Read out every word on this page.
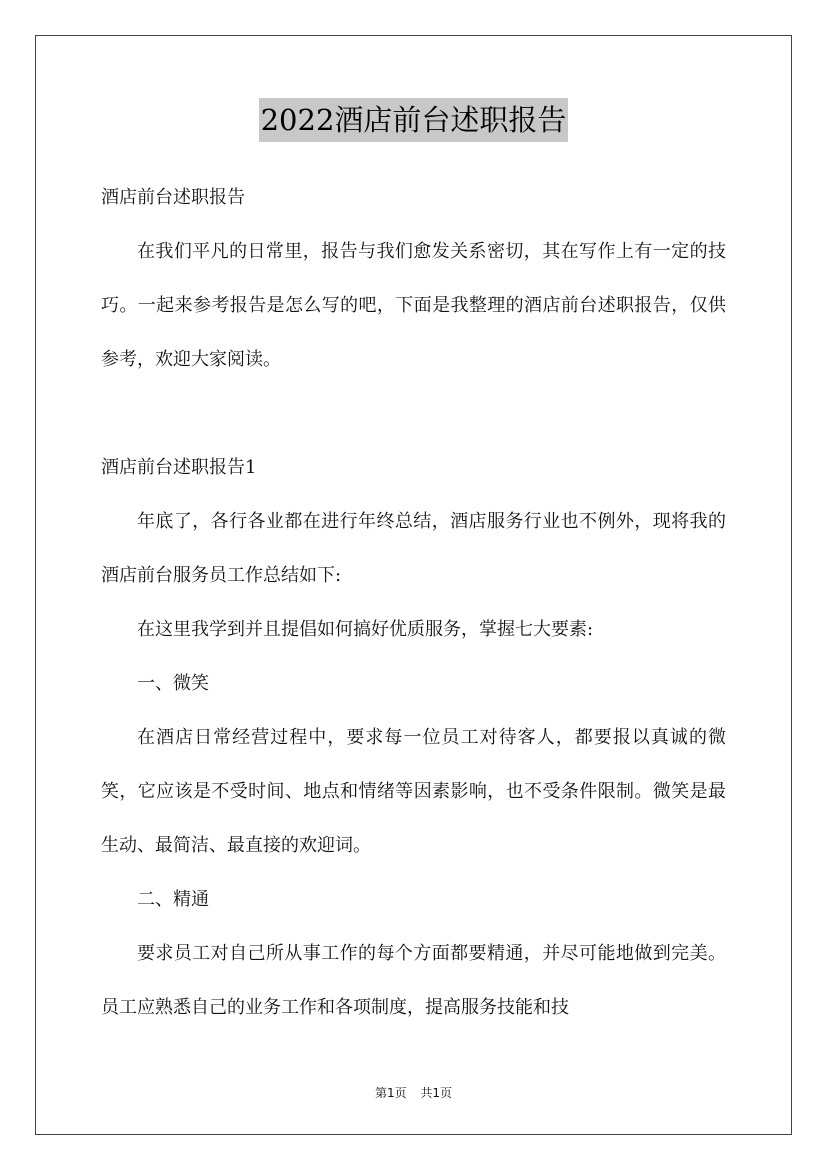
2022酒店前台述职报告

酒店前台述职报告

在我们平凡的日常里，报告与我们愈发关系密切，其在写作上有一定的技巧。一起来参考报告是怎么写的吧，下面是我整理的酒店前台述职报告，仅供参考，欢迎大家阅读。

酒店前台述职报告1

年底了，各行各业都在进行年终总结，酒店服务行业也不例外，现将我的酒店前台服务员工作总结如下:

在这里我学到并且提倡如何搞好优质服务，掌握七大要素:

一、微笑

在酒店日常经营过程中，要求每一位员工对待客人，都要报以真诚的微笑，它应该是不受时间、地点和情绪等因素影响，也不受条件限制。微笑是最生动、最简洁、最直接的欢迎词。

二、精通

要求员工对自己所从事工作的每个方面都要精通，并尽可能地做到完美。员工应熟悉自己的业务工作和各项制度，提高服务技能和技

第1页 共1页
